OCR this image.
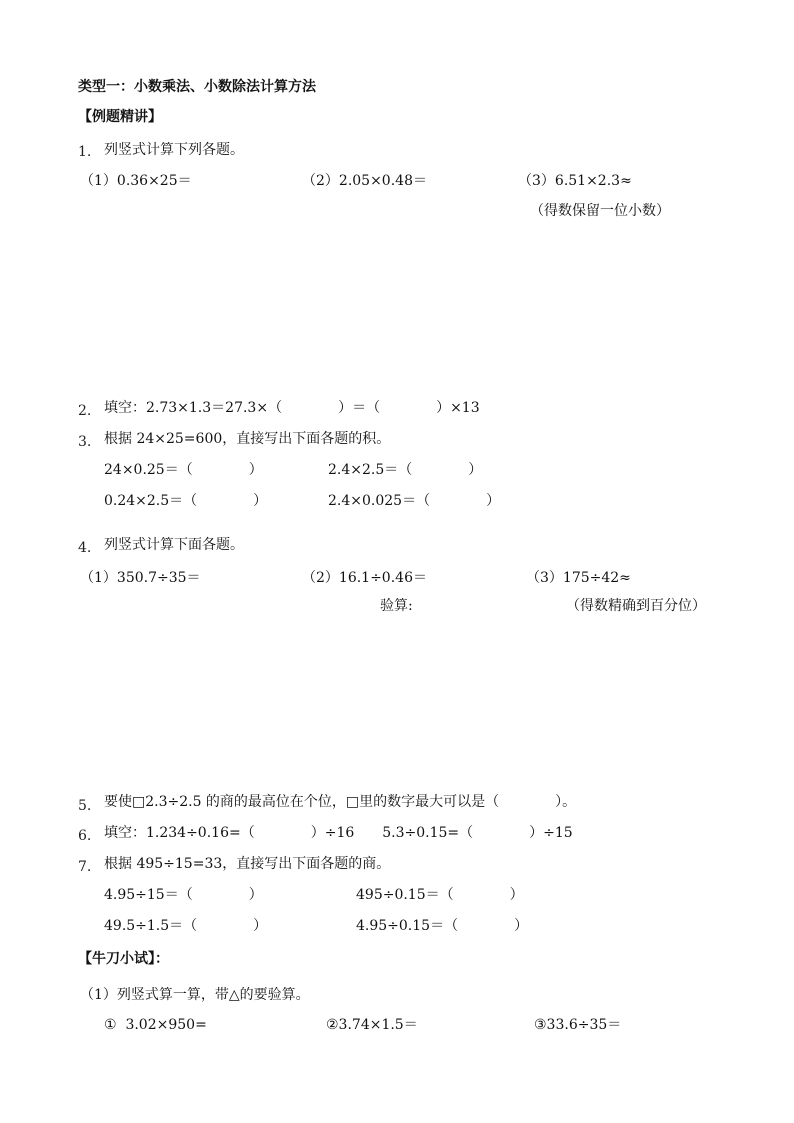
类型一：小数乘法、小数除法计算方法
【例题精讲】
1. 列竖式计算下列各题。
（1）0.36×25＝	（2）2.05×0.48＝	（3）6.51×2.3≈
（得数保留一位小数）
2. 填空：2.73×1.3＝27.3×（　　　　）＝（　　　　）×13
3. 根据 24×25=600，直接写出下面各题的积。
24×0.25＝（　　　　）	2.4×2.5＝（　　　　）
0.24×2.5＝（　　　　）	2.4×0.025＝（　　　　）
4. 列竖式计算下面各题。
（1）350.7÷35＝	（2）16.1÷0.46＝	（3）175÷42≈
验算:	（得数精确到百分位）
5. 要使□2.3÷2.5 的商的最高位在个位，□里的数字最大可以是（　　　　）。
6. 填空：1.234÷0.16=（　　　　）÷16　　5.3÷0.15=（　　　　）÷15
7. 根据 495÷15=33，直接写出下面各题的商。
4.95÷15＝（　　　　）	495÷0.15＝（　　　　）
49.5÷1.5＝（　　　　）	4.95÷0.15＝（　　　　）
【牛刀小试】：
（1）列竖式算一算，带△的要验算。
①  3.02×950=	②3.74×1.5＝	③33.6÷35＝
